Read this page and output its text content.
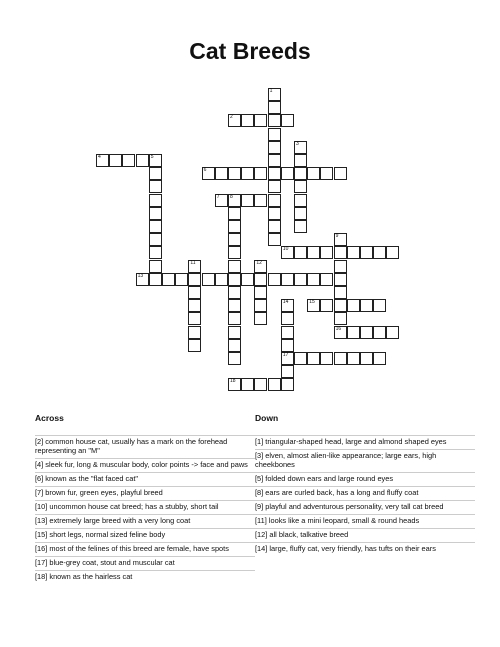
Cat Breeds
1
2
3
4	5
6
7 8
9
16
10
11	12
13
14
17
15
18
Across
[2] common house cat, usually has a mark on the forehead representing an "M"
[4] sleek fur, long & muscular body, color points -> face and paws
[6] known as the "flat faced cat"
[7] brown fur, green eyes, playful breed
[10] uncommon house cat breed; has a stubby, short tail
[13] extremely large breed with a very long coat
[15] short legs, normal sized feline body
[16] most of the felines of this breed are female, have spots
[17] blue-grey coat, stout and muscular cat
[18] known as the hairless cat
Down
[1] triangular-shaped head, large and almond shaped eyes
[3] elven, almost alien-like appearance; large ears, high cheekbones
[5] folded down ears and large round eyes
[8] ears are curled back, has a long and fluffy coat
[9] playful and adventurous personality, very tall cat breed
[11] looks like a mini leopard, small & round heads
[12] all black, talkative breed
[14] large, fluffy cat, very friendly, has tufts on their ears
